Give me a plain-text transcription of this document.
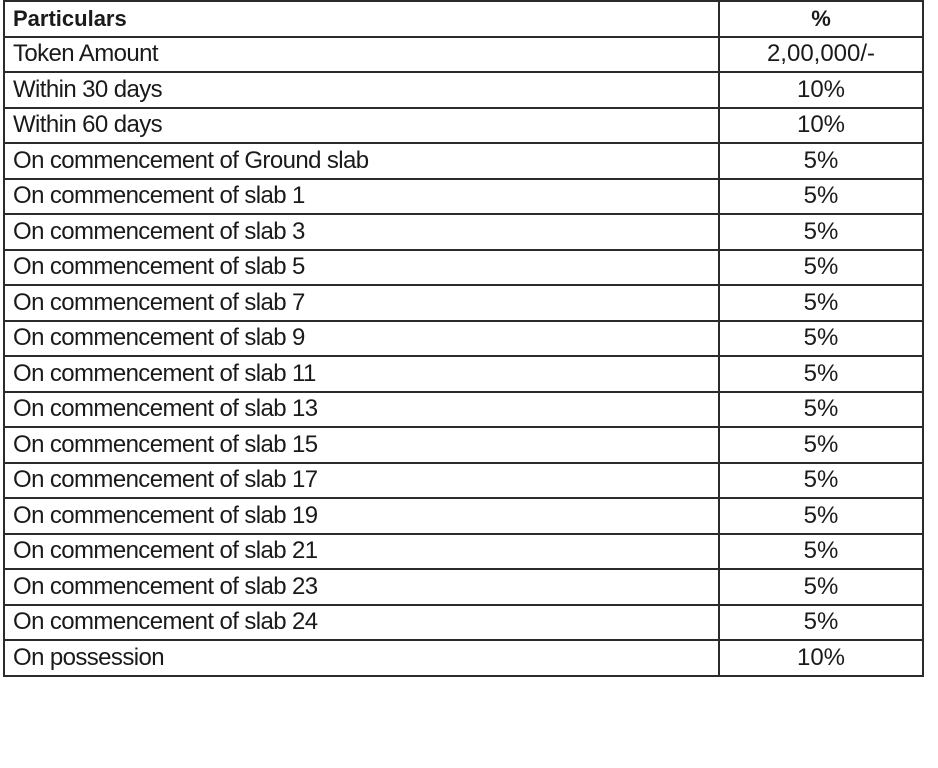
Particulars	%
Token Amount	2,00,000/-
Within 30 days	10%
Within 60 days	10%
On commencement of Ground slab	5%
On commencement of slab 1	5%
On commencement of slab 3	5%
On commencement of slab 5	5%
On commencement of slab 7	5%
On commencement of slab 9	5%
On commencement of slab 11	5%
On commencement of slab 13	5%
On commencement of slab 15	5%
On commencement of slab 17	5%
On commencement of slab 19	5%
On commencement of slab 21	5%
On commencement of slab 23	5%
On commencement of slab 24	5%
On possession	10%
